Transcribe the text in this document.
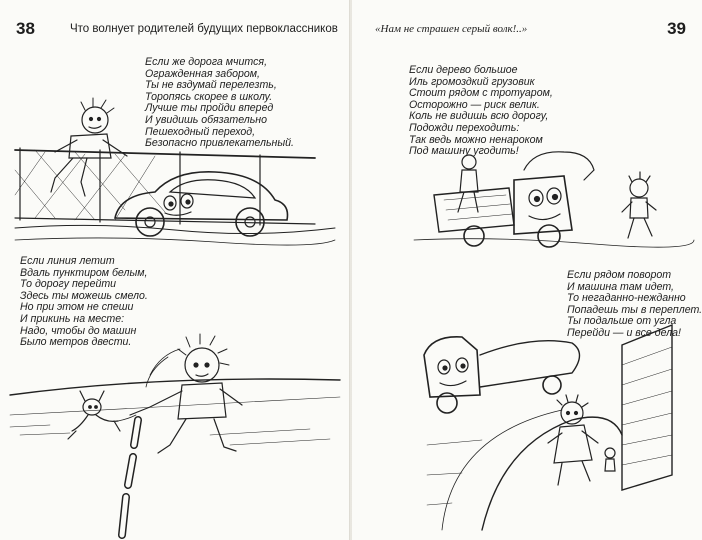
38	Что волнует родителей будущих первоклассников
Если же дорога мчится,
Огражденная забором,
Ты не вздумай перелезть,
Торопясь скорее в школу.
Лучше ты пройди вперед
И увидишь обязательно
Пешеходный переход,
Безопасно привлекательный.
Если линия летит
Вдаль пунктиром белым,
То дорогу перейти
Здесь ты можешь смело.
Но при этом не спеши
И прикинь на месте:
Надо, чтобы до машин
Было метров двести.
«Нам не страшен серый волк!..»	39
Если дерево большое
Иль громоздкий грузовик
Стоит рядом с тротуаром,
Осторожно — риск велик.
Коль не видишь всю дорогу,
Подожди переходить:
Так ведь можно ненароком
Под машину угодить!
Если рядом поворот
И машина там идет,
То негаданно-нежданно
Попадешь ты в переплет.
Ты подальше от угла
Перейди — и все дела!
